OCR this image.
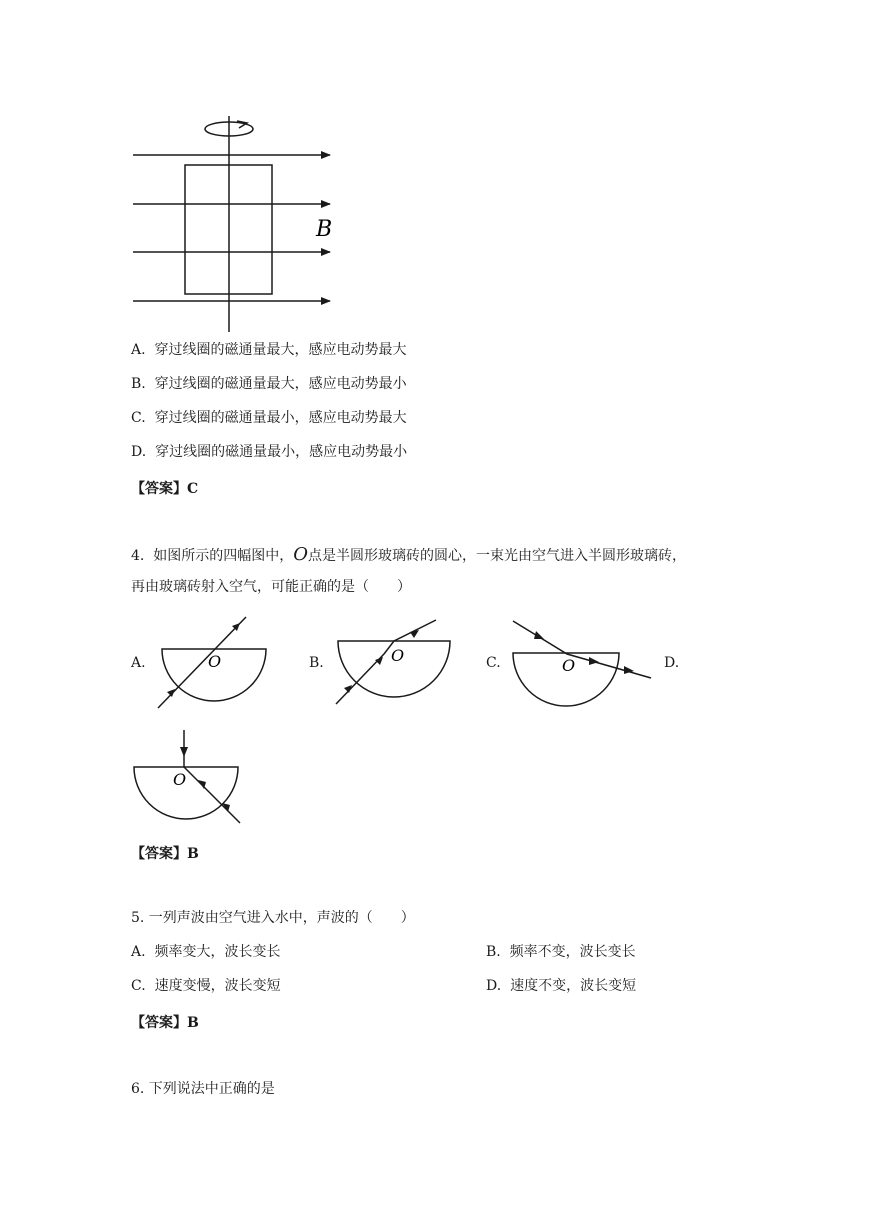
B
A. 穿过线圈的磁通量最大，感应电动势最大
B. 穿过线圈的磁通量最大，感应电动势最小
C. 穿过线圈的磁通量最小，感应电动势最大
D. 穿过线圈的磁通量最小，感应电动势最小
【答案】C
4. 如图所示的四幅图中，O点是半圆形玻璃砖的圆心，一束光由空气进入半圆形玻璃砖，
再由玻璃砖射入空气，可能正确的是（　　）
A.	B.	C.	D.
O	O
O
O
【答案】B
5. 一列声波由空气进入水中，声波的（　　）
A. 频率变大，波长变长	B. 频率不变，波长变长
C. 速度变慢，波长变短	D. 速度不变，波长变短
【答案】B
6. 下列说法中正确的是
